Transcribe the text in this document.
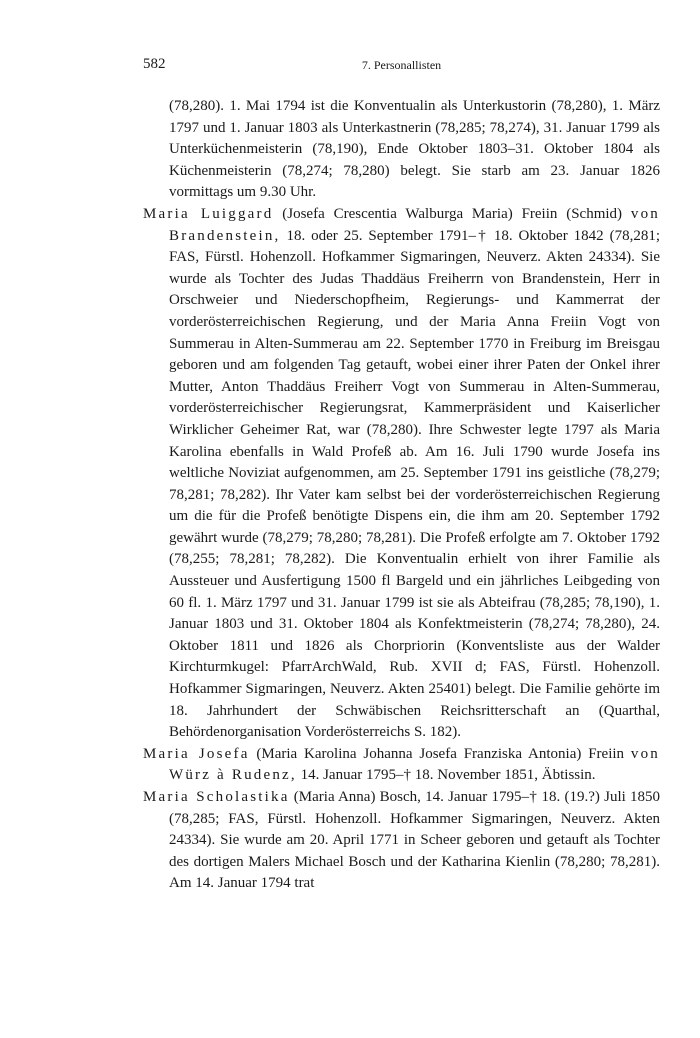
582	7. Personallisten

(78,280). 1. Mai 1794 ist die Konventualin als Unterkustorin (78,280), 1. März 1797 und 1. Januar 1803 als Unterkastnerin (78,285; 78,274), 31. Januar 1799 als Unterküchenmeisterin (78,190), Ende Oktober 1803–31. Oktober 1804 als Küchenmeisterin (78,274; 78,280) belegt. Sie starb am 23. Januar 1826 vormittags um 9.30 Uhr.

Maria Luiggard (Josefa Crescentia Walburga Maria) Freiin (Schmid) von Brandenstein, 18. oder 25. September 1791–† 18. Oktober 1842 (78,281; FAS, Fürstl. Hohenzoll. Hofkammer Sigmaringen, Neuverz. Akten 24334). Sie wurde als Tochter des Judas Thaddäus Freiherrn von Brandenstein, Herr in Orschweier und Niederschopfheim, Regierungs- und Kammerrat der vorderösterreichischen Regierung, und der Maria Anna Freiin Vogt von Summerau in Alten-Summerau am 22. September 1770 in Freiburg im Breisgau geboren und am folgenden Tag getauft, wobei einer ihrer Paten der Onkel ihrer Mutter, Anton Thaddäus Freiherr Vogt von Summerau in Alten-Summerau, vorderösterreichischer Regierungsrat, Kammerpräsident und Kaiserlicher Wirklicher Geheimer Rat, war (78,280). Ihre Schwester legte 1797 als Maria Karolina ebenfalls in Wald Profeß ab. Am 16. Juli 1790 wurde Josefa ins weltliche Noviziat aufgenommen, am 25. September 1791 ins geistliche (78,279; 78,281; 78,282). Ihr Vater kam selbst bei der vorderösterreichischen Regierung um die für die Profeß benötigte Dispens ein, die ihm am 20. September 1792 gewährt wurde (78,279; 78,280; 78,281). Die Profeß erfolgte am 7. Oktober 1792 (78,255; 78,281; 78,282). Die Konventualin erhielt von ihrer Familie als Aussteuer und Ausfertigung 1500 fl Bargeld und ein jährliches Leibgeding von 60 fl. 1. März 1797 und 31. Januar 1799 ist sie als Abteifrau (78,285; 78,190), 1. Januar 1803 und 31. Oktober 1804 als Konfektmeisterin (78,274; 78,280), 24. Oktober 1811 und 1826 als Chorpriorin (Konventsliste aus der Walder Kirchturmkugel: PfarrArchWald, Rub. XVII d; FAS, Fürstl. Hohenzoll. Hofkammer Sigmaringen, Neuverz. Akten 25401) belegt. Die Familie gehörte im 18. Jahrhundert der Schwäbischen Reichsritterschaft an (Quarthal, Behördenorganisation Vorderösterreichs S. 182).

Maria Josefa (Maria Karolina Johanna Josefa Franziska Antonia) Freiin von Würz à Rudenz, 14. Januar 1795–† 18. November 1851, Äbtissin.

Maria Scholastika (Maria Anna) Bosch, 14. Januar 1795–† 18. (19.?) Juli 1850 (78,285; FAS, Fürstl. Hohenzoll. Hofkammer Sigmaringen, Neuverz. Akten 24334). Sie wurde am 20. April 1771 in Scheer geboren und getauft als Tochter des dortigen Malers Michael Bosch und der Katharina Kienlin (78,280; 78,281). Am 14. Januar 1794 trat
